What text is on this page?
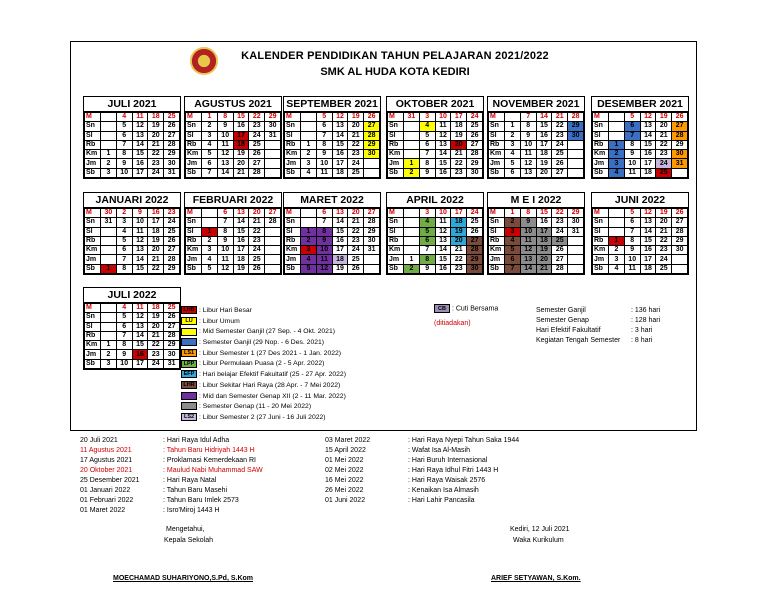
KALENDER PENDIDIKAN TAHUN PELAJARAN 2021/2022
SMK AL HUDA KOTA KEDIRI
JULI 2021
M		4	11	18	25
Sn		5	12	19	26
Sl		6	13	20	27
Rb		7	14	21	28
Km	1	8	15	22	29
Jm	2	9	16	23	30
Sb	3	10	17	24	31
AGUSTUS 2021
M	1	8	15	22	29
Sn	2	9	16	23	30
Sl	3	10	17	24	31
Rb	4	11	18	25	
Km	5	12	19	26	
Jm	6	13	20	27	
Sb	7	14	21	28	
SEPTEMBER 2021
M		5	12	19	26
Sn		6	13	20	27
Sl		7	14	21	28
Rb	1	8	15	22	29
Km	2	9	16	23	30
Jm	3	10	17	24	
Sb	4	11	18	25	
OKTOBER 2021
M	31	3	10	17	24
Sn		4	11	18	25
Sl		5	12	19	26
Rb		6	13	20	27
Km		7	14	21	28
Jm	1	8	15	22	29
Sb	2	9	16	23	30
NOVEMBER 2021
M		7	14	21	28
Sn	1	8	15	22	29
Sl	2	9	16	23	30
Rb	3	10	17	24	
Km	4	11	18	25	
Jm	5	12	19	26	
Sb	6	13	20	27	
DESEMBER 2021
M		5	12	19	26
Sn		6	13	20	27
Sl		7	14	21	28
Rb	1	8	15	22	29
Km	2	9	16	23	30
Jm	3	10	17	24	31
Sb	4	11	18	25	
JANUARI 2022
M	30	2	9	16	23
Sn	31	3	10	17	24
Sl		4	11	18	25
Rb		5	12	19	26
Km		6	13	20	27
Jm		7	14	21	28
Sb	1	8	15	22	29
FEBRUARI 2022
M		6	13	20	27
Sn		7	14	21	28
Sl	1	8	15	22	
Rb	2	9	16	23	
Km	3	10	17	24	
Jm	4	11	18	25	
Sb	5	12	19	26	
MARET 2022
M		6	13	20	27
Sn		7	14	21	28
Sl	1	8	15	22	29
Rb	2	9	16	23	30
Km	3	10	17	24	31
Jm	4	11	18	25	
Sb	5	12	19	26	
APRIL 2022
M		3	10	17	24
Sn		4	11	18	25
Sl		5	12	19	26
Rb		6	13	20	27
Km		7	14	21	28
Jm	1	8	15	22	29
Sb	2	9	16	23	30
M E I 2022
M	1	8	15	22	29
Sn	2	9	16	23	30
Sl	3	10	17	24	31
Rb	4	11	18	25	
Km	5	12	19	26	
Jm	6	13	20	27	
Sb	7	14	21	28	
JUNI 2022
M		5	12	19	26
Sn		6	13	20	27
Sl		7	14	21	28
Rb	1	8	15	22	29
Km	2	9	16	23	30
Jm	3	10	17	24	
Sb	4	11	18	25	
JULI 2022
M		4	11	18	25
Sn		5	12	19	26
Sl		6	13	20	27
Rb		7	14	21	28
Km	1	8	15	22	29
Jm	2	9	16	23	30
Sb	3	10	17	24	31
LHB : Libur Hari Besar
LU : Libur Umum
: Mid Semester Ganjil (27 Sep. - 4 Okt. 2021)
: Semester Ganjil (29 Nop. - 6 Des. 2021)
LS1 : Libur Semester 1 (27 Des 2021 - 1 Jan. 2022)
LPP : Libur Permulaan Puasa (2 - 5 Apr. 2022)
EFP : Hari belajar Efektif Fakultatif (25 - 27 Apr. 2022)
LHR : Libur Sekitar Hari Raya (28 Apr. - 7 Mei 2022)
: Mid dan Semester Genap XII (2 - 11 Mar. 2022)
: Semester Genap (11 - 20 Mei 2022)
LS2 : Libur Semester 2 (27 Juni - 16 Juli 2022)
CB : Cuti Bersama
(ditiadakan)
Semester Ganjil	: 136 hari
Semester Genap	: 128 hari
Hari Efektif Fakultatif	: 3 hari
Kegiatan Tengah Semester : 8 hari
20 Juli 2021	: Hari Raya Idul Adha
11 Agustus 2021	: Tahun Baru Hidriyah 1443 H
17 Agustus 2021	: Proklamasi Kemerdekaan RI
20 Oktober 2021	: Maulud Nabi Muhammad SAW
25 Desember 2021	: Hari Raya Natal
01 Januari 2022	: Tahun Baru Masehi
01 Februari 2022	: Tahun Baru Imlek 2573
01 Maret 2022	: Isro'Miroj 1443 H
03 Maret 2022	: Hari Raya Nyepi Tahun Saka 1944
15 April 2022	: Wafat Isa Al-Masih
01 Mei 2022	: Hari Buruh Internasional
02 Mei 2022	: Hari Raya Idhul Fitri 1443 H
16 Mei 2022	: Hari Raya Waisak 2576
26 Mei 2022	: Kenaikan Isa Almasih
01 Juni 2022	: Hari Lahir Pancasila
Mengetahui,
Kepala Sekolah
MOECHAMAD SUHARIYONO,S.Pd, S.Kom
Kediri, 12 Juli 2021
Waka Kurikulum
ARIEF SETYAWAN, S.Kom.
